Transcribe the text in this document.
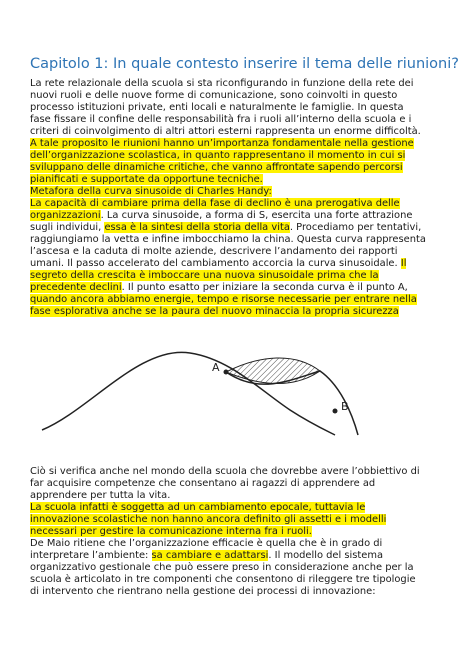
Capitolo 1: In quale contesto inserire il tema delle riunioni?
La rete relazionale della scuola si sta riconfigurando in funzione della rete dei
nuovi ruoli e delle nuove forme di comunicazione, sono coinvolti in questo
processo istituzioni private, enti locali e naturalmente le famiglie. In questa
fase fissare il confine delle responsabilità fra i ruoli all’interno della scuola e i
criteri di coinvolgimento di altri attori esterni rappresenta un enorme difficoltà.
A tale proposito le riunioni hanno un’importanza fondamentale nella gestione
dell’organizzazione scolastica, in quanto rappresentano il momento in cui si
sviluppano delle dinamiche critiche, che vanno affrontate sapendo percorsi
pianificati e supportate da opportune tecniche.
Metafora della curva sinusoide di Charles Handy:
La capacità di cambiare prima della fase di declino è una prerogativa delle
organizzazioni. La curva sinusoide, a forma di S, esercita una forte attrazione
sugli individui, essa è la sintesi della storia della vita. Procediamo per tentativi,
raggiungiamo la vetta e infine imbocchiamo la china. Questa curva rappresenta
l’ascesa e la caduta di molte aziende, descrivere l’andamento dei rapporti
umani. Il passo accelerato del cambiamento accorcia la curva sinusoidale. Il
segreto della crescita è imboccare una nuova sinusoidale prima che la
precedente declini. Il punto esatto per iniziare la seconda curva è il punto A,
quando ancora abbiamo energie, tempo e risorse necessarie per entrare nella
fase esplorativa anche se la paura del nuovo minaccia la propria sicurezza
A
B
Ciò si verifica anche nel mondo della scuola che dovrebbe avere l’obbiettivo di
far acquisire competenze che consentano ai ragazzi di apprendere ad
apprendere per tutta la vita.
La scuola infatti è soggetta ad un cambiamento epocale, tuttavia le
innovazione scolastiche non hanno ancora definito gli assetti e i modelli
necessari per gestire la comunicazione interna fra i ruoli.
De Maio ritiene che l’organizzazione efficacie è quella che è in grado di
interpretare l’ambiente: sa cambiare e adattarsi. Il modello del sistema
organizzativo gestionale che può essere preso in considerazione anche per la
scuola è articolato in tre componenti che consentono di rileggere tre tipologie
di intervento che rientrano nella gestione dei processi di innovazione:
